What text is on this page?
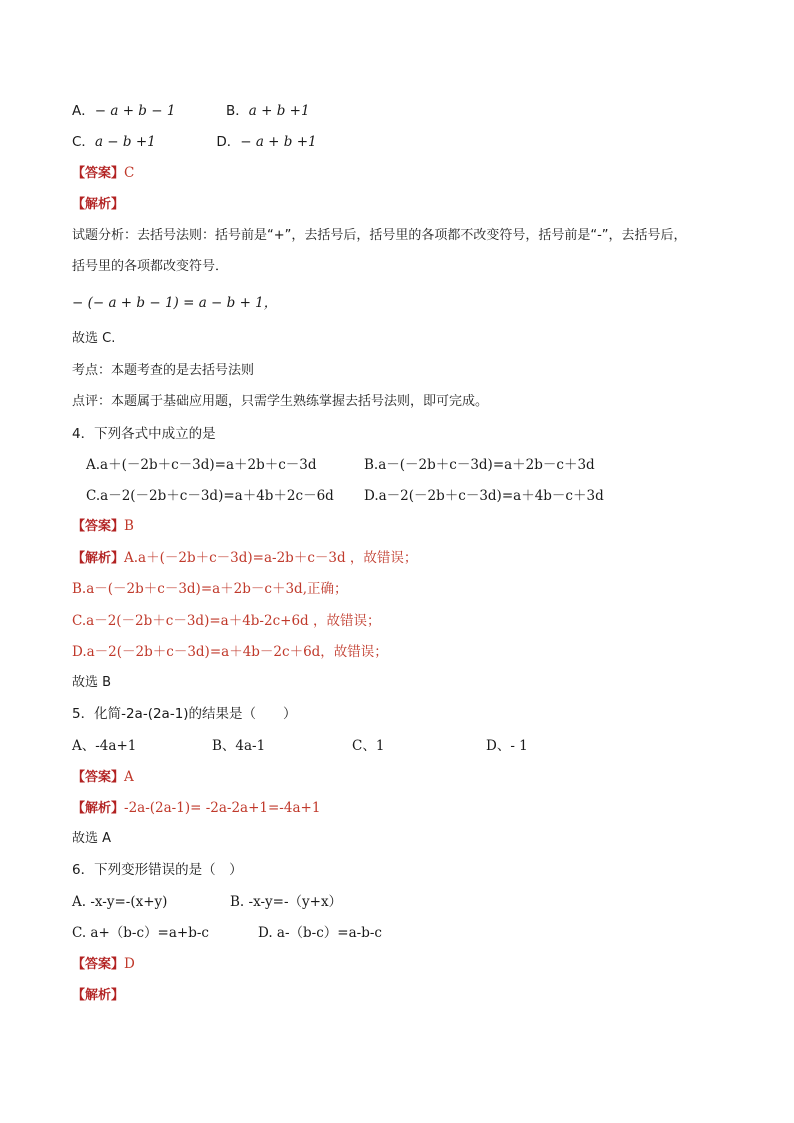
A．− a + b − 1	B．a + b +1
C．a − b +1	D．− a + b +1
【答案】C
【解析】
试题分析：去括号法则：括号前是“+”，去括号后，括号里的各项都不改变符号，括号前是“-”，去括号后，
括号里的各项都改变符号．
− (− a + b − 1) = a − b + 1，
故选 C.
考点：本题考查的是去括号法则
点评：本题属于基础应用题，只需学生熟练掌握去括号法则，即可完成。
4．下列各式中成立的是
A.a＋(－2b＋c－3d)=a＋2b＋c－3d	B.a－(－2b＋c－3d)=a＋2b－c＋3d
C.a－2(－2b＋c－3d)=a＋4b＋2c－6d D.a－2(－2b＋c－3d)=a＋4b－c＋3d
【答案】B
【解析】A.a＋(－2b＋c－3d)=a-2b＋c－3d ，故错误；
B.a－(－2b＋c－3d)=a＋2b－c＋3d,正确；
C.a－2(－2b＋c－3d)=a＋4b-2c+6d ，故错误；
D.a－2(－2b＋c－3d)=a＋4b－2c＋6d，故错误；
故选 B
5．化简-2a-(2a-1)的结果是（　　）
A、-4a+1	B、4a-1	C、1	D、- 1
【答案】A
【解析】-2a-(2a-1)= -2a-2a+1=-4a+1
故选 A
6．下列变形错误的是（　）
A. -x-y=-(x+y)	B. -x-y=-（y+x）
C. a+（b-c）=a+b-c	D. a-（b-c）=a-b-c
【答案】D
【解析】
